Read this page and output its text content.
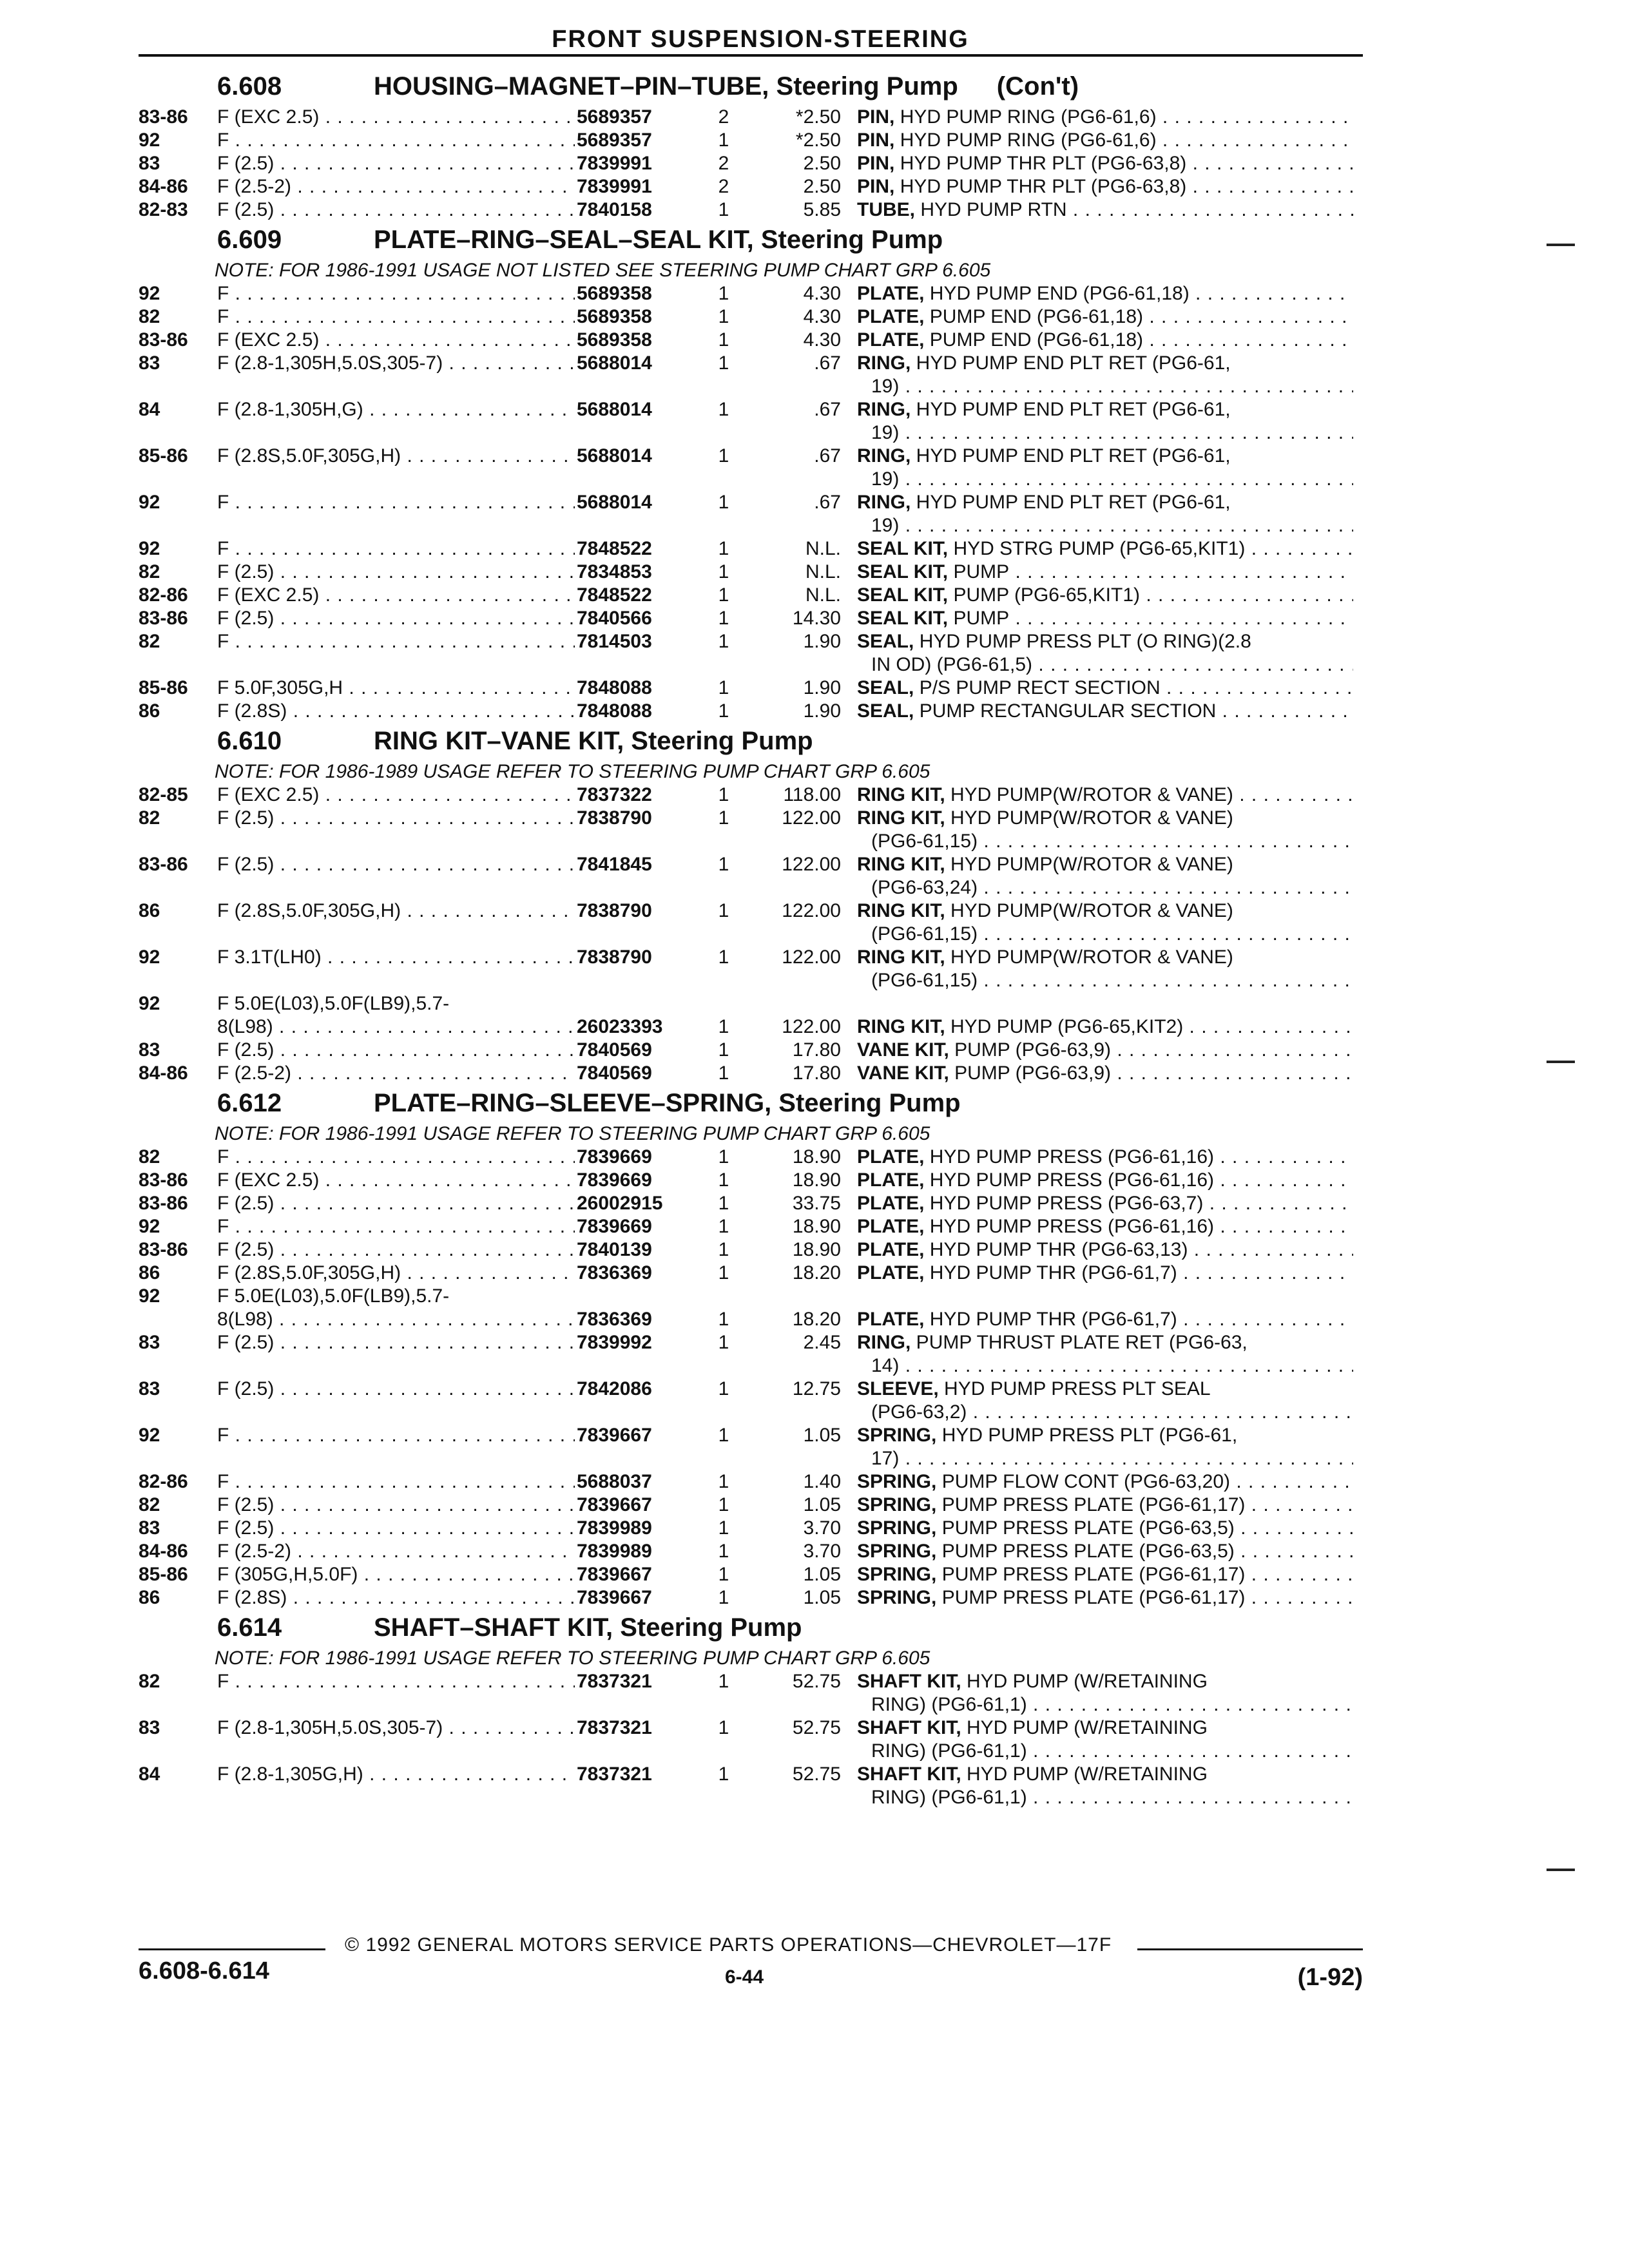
FRONT SUSPENSION-STEERING
6.608	HOUSING–MAGNET–PIN–TUBE, Steering Pump (Con't)
83-86	F (EXC 2.5) . . .	5689357	2	*2.50 PIN, HYD PUMP RING (PG6-61,6) . . .
92	F . . .	5689357	1	*2.50 PIN, HYD PUMP RING (PG6-61,6) . . .
83	F (2.5) . . .	7839991	2	2.50 PIN, HYD PUMP THR PLT (PG6-63,8) . . .
84-86	F (2.5-2) . . .	7839991	2	2.50 PIN, HYD PUMP THR PLT (PG6-63,8) . . .
82-83	F (2.5) . . .	7840158	1	5.85 TUBE, HYD PUMP RTN . . .
6.609	PLATE–RING–SEAL–SEAL KIT, Steering Pump
NOTE: FOR 1986-1991 USAGE NOT LISTED SEE STEERING PUMP CHART GRP 6.605
92	F . . .	5689358	1	4.30 PLATE, HYD PUMP END (PG6-61,18) . . .
82	F . . .	5689358	1	4.30 PLATE, PUMP END (PG6-61,18) . . .
83-86	F (EXC 2.5) . . .	5689358	1	4.30 PLATE, PUMP END (PG6-61,18) . . .
83	F (2.8-1,305H,5.0S,305-7) . . .	5688014	1	.67 RING, HYD PUMP END PLT RET (PG6-61,
19) . . .
84	F (2.8-1,305H,G) . . .	5688014	1	.67 RING, HYD PUMP END PLT RET (PG6-61,
19) . . .
85-86	F (2.8S,5.0F,305G,H) . . .	5688014	1	.67 RING, HYD PUMP END PLT RET (PG6-61,
19) . . .
92	F . . .	5688014	1	.67 RING, HYD PUMP END PLT RET (PG6-61,
19) . . .
92	F . . .	7848522	1	N.L. SEAL KIT, HYD STRG PUMP (PG6-65,KIT1) . . .
82	F (2.5) . . .	7834853	1	N.L. SEAL KIT, PUMP . . .
82-86	F (EXC 2.5) . . .	7848522	1	N.L. SEAL KIT, PUMP (PG6-65,KIT1) . . .
83-86	F (2.5) . . .	7840566	1	14.30 SEAL KIT, PUMP . . .
82	F . . .	7814503	1	1.90 SEAL, HYD PUMP PRESS PLT (O RING)(2.8
IN OD) (PG6-61,5) . . .
85-86	F 5.0F,305G,H . . .	7848088	1	1.90 SEAL, P/S PUMP RECT SECTION . . .
86	F (2.8S) . . .	7848088	1	1.90 SEAL, PUMP RECTANGULAR SECTION . . .
6.610	RING KIT–VANE KIT, Steering Pump
NOTE: FOR 1986-1989 USAGE REFER TO STEERING PUMP CHART GRP 6.605
82-85	F (EXC 2.5) . . .	7837322	1	118.00 RING KIT, HYD PUMP(W/ROTOR & VANE) . . .
82	F (2.5) . . .	7838790	1	122.00 RING KIT, HYD PUMP(W/ROTOR & VANE)
(PG6-61,15) . . .
83-86	F (2.5) . . .	7841845	1	122.00 RING KIT, HYD PUMP(W/ROTOR & VANE)
(PG6-63,24) . . .
86	F (2.8S,5.0F,305G,H) . . .	7838790	1	122.00 RING KIT, HYD PUMP(W/ROTOR & VANE)
(PG6-61,15) . . .
92	F 3.1T(LH0) . . .	7838790	1	122.00 RING KIT, HYD PUMP(W/ROTOR & VANE)
(PG6-61,15) . . .
92	F 5.0E(L03),5.0F(LB9),5.7-
8(L98) . . .	26023393	1	122.00 RING KIT, HYD PUMP (PG6-65,KIT2) . . .
83	F (2.5) . . .	7840569	1	17.80 VANE KIT, PUMP (PG6-63,9) . . .
84-86	F (2.5-2) . . .	7840569	1	17.80 VANE KIT, PUMP (PG6-63,9) . . .
6.612	PLATE–RING–SLEEVE–SPRING, Steering Pump
NOTE: FOR 1986-1991 USAGE REFER TO STEERING PUMP CHART GRP 6.605
82	F . . .	7839669	1	18.90 PLATE, HYD PUMP PRESS (PG6-61,16) . . .
83-86	F (EXC 2.5) . . .	7839669	1	18.90 PLATE, HYD PUMP PRESS (PG6-61,16) . . .
83-86	F (2.5) . . .	26002915	1	33.75 PLATE, HYD PUMP PRESS (PG6-63,7) . . .
92	F . . .	7839669	1	18.90 PLATE, HYD PUMP PRESS (PG6-61,16) . . .
83-86	F (2.5) . . .	7840139	1	18.90 PLATE, HYD PUMP THR (PG6-63,13) . . .
86	F (2.8S,5.0F,305G,H) . . .	7836369	1	18.20 PLATE, HYD PUMP THR (PG6-61,7) . . .
92	F 5.0E(L03),5.0F(LB9),5.7-
8(L98) . . .	7836369	1	18.20 PLATE, HYD PUMP THR (PG6-61,7) . . .
83	F (2.5) . . .	7839992	1	2.45 RING, PUMP THRUST PLATE RET (PG6-63,
14) . . .
83	F (2.5) . . .	7842086	1	12.75 SLEEVE, HYD PUMP PRESS PLT SEAL
(PG6-63,2) . . .
92	F . . .	7839667	1	1.05 SPRING, HYD PUMP PRESS PLT (PG6-61,
17) . . .
82-86	F . . .	5688037	1	1.40 SPRING, PUMP FLOW CONT (PG6-63,20) . . .
82	F (2.5) . . .	7839667	1	1.05 SPRING, PUMP PRESS PLATE (PG6-61,17) . . .
83	F (2.5) . . .	7839989	1	3.70 SPRING, PUMP PRESS PLATE (PG6-63,5) . . .
84-86	F (2.5-2) . . .	7839989	1	3.70 SPRING, PUMP PRESS PLATE (PG6-63,5) . . .
85-86	F (305G,H,5.0F) . . .	7839667	1	1.05 SPRING, PUMP PRESS PLATE (PG6-61,17) . . .
86	F (2.8S) . . .	7839667	1	1.05 SPRING, PUMP PRESS PLATE (PG6-61,17) . . .
6.614	SHAFT–SHAFT KIT, Steering Pump
NOTE: FOR 1986-1991 USAGE REFER TO STEERING PUMP CHART GRP 6.605
82	F . . .	7837321	1	52.75 SHAFT KIT, HYD PUMP (W/RETAINING
RING) (PG6-61,1) . . .
83	F (2.8-1,305H,5.0S,305-7) . . .	7837321	1	52.75 SHAFT KIT, HYD PUMP (W/RETAINING
RING) (PG6-61,1) . . .
84	F (2.8-1,305G,H) . . .	7837321	1	52.75 SHAFT KIT, HYD PUMP (W/RETAINING
RING) (PG6-61,1) . . .
© 1992 GENERAL MOTORS SERVICE PARTS OPERATIONS—CHEVROLET—17F
6.608-6.614	6-44	(1-92)
